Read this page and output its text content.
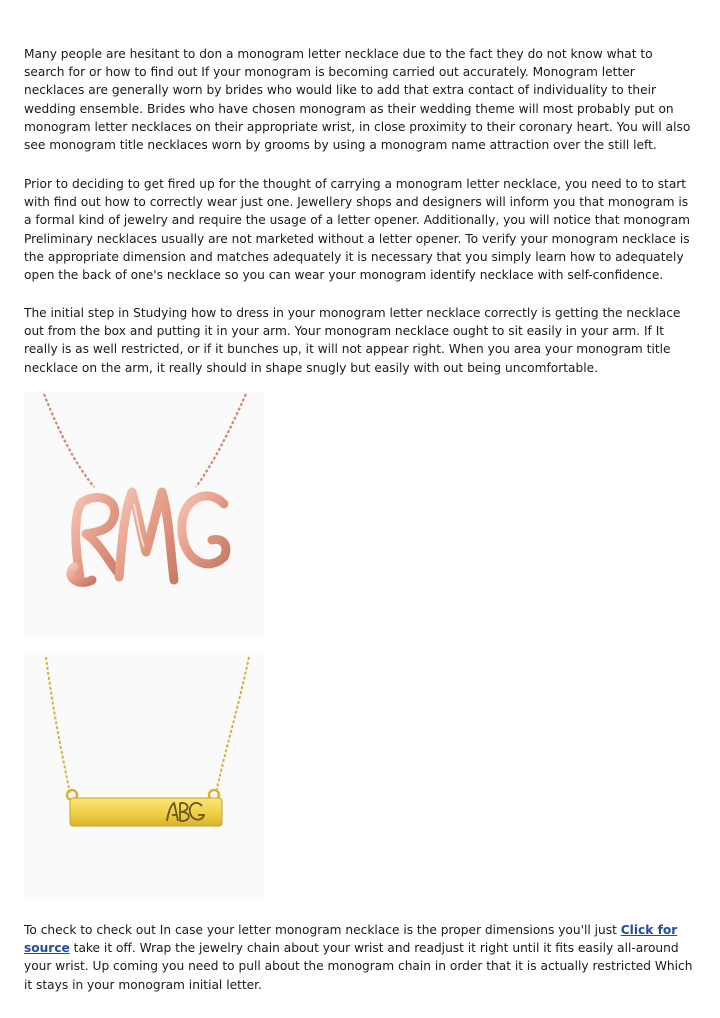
Many people are hesitant to don a monogram letter necklace due to the fact they do not know what to search for or how to find out If your monogram is becoming carried out accurately. Monogram letter necklaces are generally worn by brides who would like to add that extra contact of individuality to their wedding ensemble. Brides who have chosen monogram as their wedding theme will most probably put on monogram letter necklaces on their appropriate wrist, in close proximity to their coronary heart. You will also see monogram title necklaces worn by grooms by using a monogram name attraction over the still left.

Prior to deciding to get fired up for the thought of carrying a monogram letter necklace, you need to to start with find out how to correctly wear just one. Jewellery shops and designers will inform you that monogram is a formal kind of jewelry and require the usage of a letter opener. Additionally, you will notice that monogram Preliminary necklaces usually are not marketed without a letter opener. To verify your monogram necklace is the appropriate dimension and matches adequately it is necessary that you simply learn how to adequately open the back of one's necklace so you can wear your monogram identify necklace with self-confidence.

The initial step in Studying how to dress in your monogram letter necklace correctly is getting the necklace out from the box and putting it in your arm. Your monogram necklace ought to sit easily in your arm. If It really is as well restricted, or if it bunches up, it will not appear right. When you area your monogram title necklace on the arm, it really should in shape snugly but easily with out being uncomfortable.

To check to check out In case your letter monogram necklace is the proper dimensions you'll just Click for source take it off. Wrap the jewelry chain about your wrist and readjust it right until it fits easily all-around your wrist. Up coming you need to pull about the monogram chain in order that it is actually restricted Which it stays in your monogram initial letter.
